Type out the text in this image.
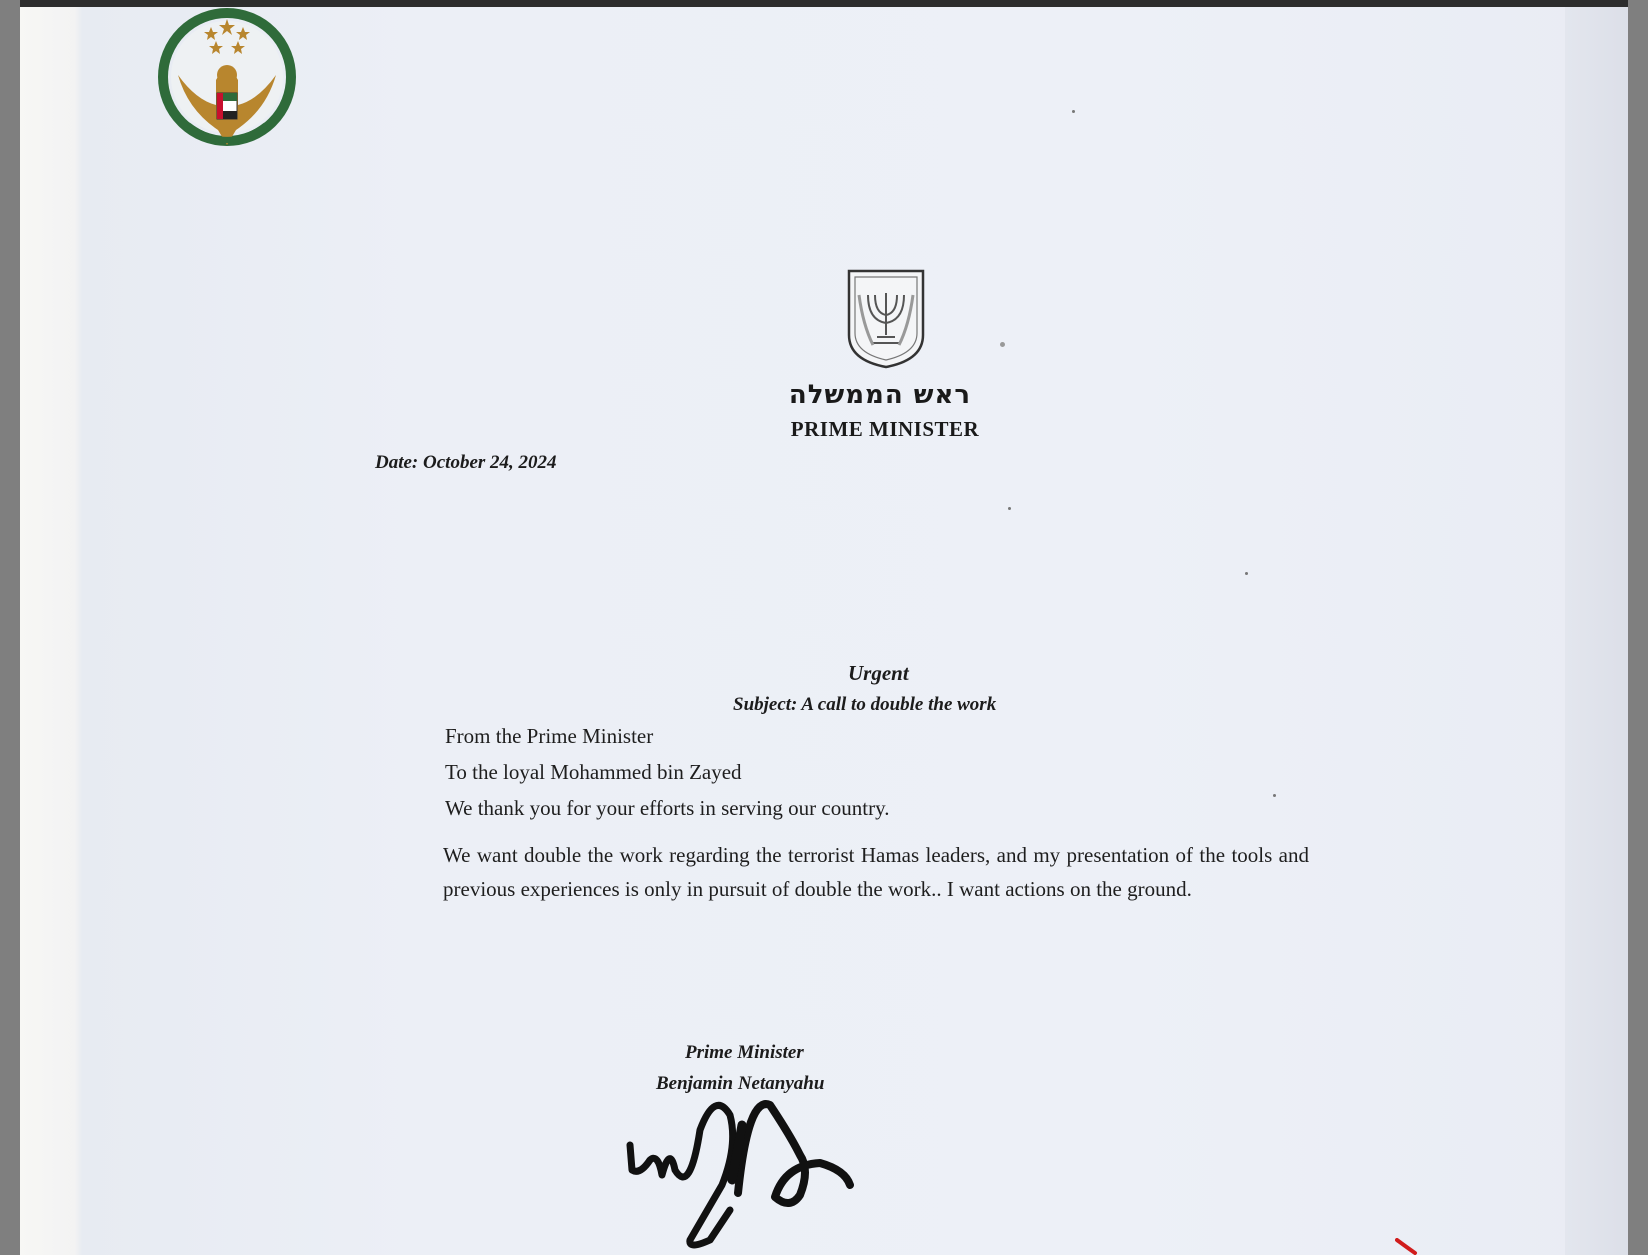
ראש הממשלה
PRIME MINISTER
Date: October 24, 2024
Urgent
Subject: A call to double the work
From the Prime Minister
To the loyal Mohammed bin Zayed
We thank you for your efforts in serving our country.
We want double the work regarding the terrorist Hamas leaders, and my presentation of the tools and previous experiences is only in pursuit of double the work.. I want actions on the ground.
Prime Minister
Benjamin Netanyahu
